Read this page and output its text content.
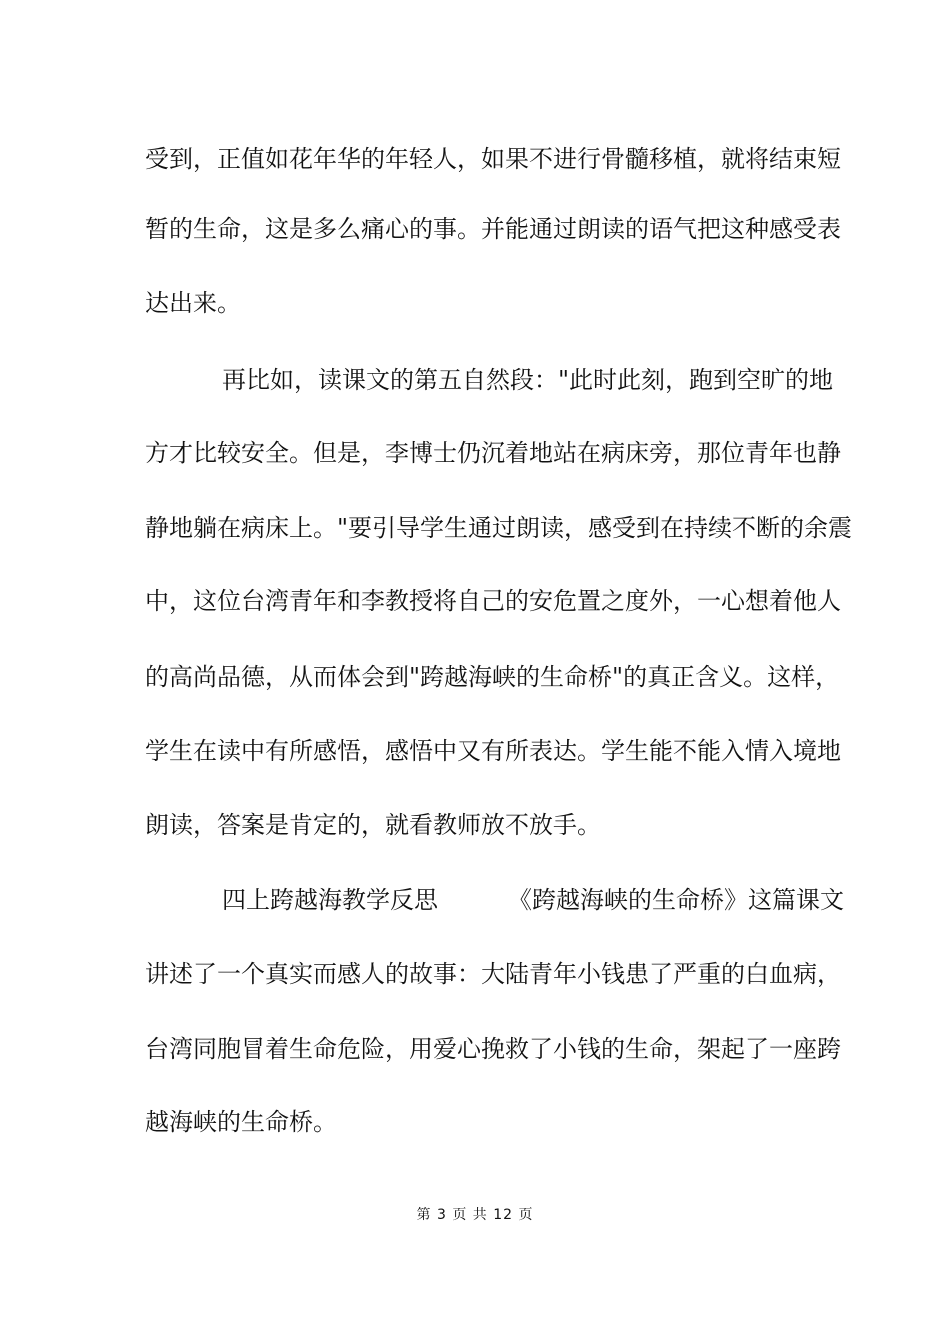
受到，正值如花年华的年轻人，如果不进行骨髓移植，就将结束短
暂的生命，这是多么痛心的事。并能通过朗读的语气把这种感受表
达出来。
再比如，读课文的第五自然段："此时此刻，跑到空旷的地
方才比较安全。但是，李博士仍沉着地站在病床旁，那位青年也静
静地躺在病床上。"要引导学生通过朗读，感受到在持续不断的余震
中，这位台湾青年和李教授将自己的安危置之度外，一心想着他人
的高尚品德，从而体会到"跨越海峡的生命桥"的真正含义。这样，
学生在读中有所感悟，感悟中又有所表达。学生能不能入情入境地
朗读，答案是肯定的，就看教师放不放手。
四上跨越海教学反思	《跨越海峡的生命桥》这篇课文
讲述了一个真实而感人的故事：大陆青年小钱患了严重的白血病，
台湾同胞冒着生命危险，用爱心挽救了小钱的生命，架起了一座跨
越海峡的生命桥。
第 3 页 共 12 页
